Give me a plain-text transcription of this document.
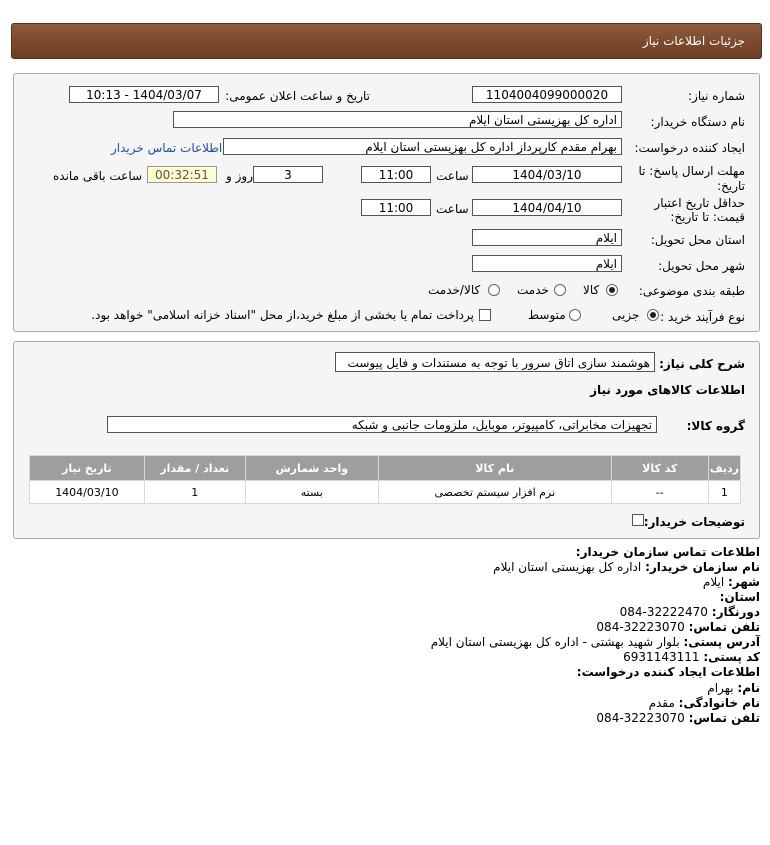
جزئیات اطلاعات نیاز
شماره نیاز:
1104004099000020
تاریخ و ساعت اعلان عمومی:
1404/03/07 - 10:13
نام دستگاه خریدار:
اداره کل بهزیستی استان ایلام
ایجاد کننده درخواست:
بهرام مقدم کارپرداز اداره کل بهزیستی استان ایلام
اطلاعات تماس خریدار
مهلت ارسال پاسخ: تا
تاریخ:
1404/03/10
ساعت
11:00
3
روز و
00:32:51
ساعت باقی مانده
حداقل تاریخ اعتبار
قیمت: تا تاریخ:
1404/04/10
ساعت
11:00
استان محل تحویل:
ایلام
شهر محل تحویل:
ایلام
طبقه بندی موضوعی:
کالا
خدمت
کالا/خدمت
نوع فرآیند خرید :
جزیی
متوسط
پرداخت تمام یا بخشی از مبلغ خرید،از محل "اسناد خزانه اسلامی" خواهد بود.
شرح کلی نیاز:
هوشمند سازی اتاق سرور با توجه به مستندات و فایل پیوست
اطلاعات کالاهای مورد نیاز
گروه کالا:
تجهیزات مخابراتی، کامپیوتر، موبایل، ملزومات جانبی و شبکه
ردیف	کد کالا	نام کالا	واحد شمارش	تعداد / مقدار	تاریخ نیاز
1	--	نرم افزار سیستم تخصصی	بسته	1	1404/03/10
توضیحات خریدار:
اطلاعات تماس سازمان خریدار:
نام سازمان خریدار: اداره کل بهزیستی استان ایلام
شهر: ایلام
استان:
دورنگار: 084-32222470
تلفن تماس: 084-32223070
آدرس پستی: بلوار شهید بهشتی - اداره کل بهزیستی استان ایلام
کد پستی: 6931143111
اطلاعات ایجاد کننده درخواست:
نام: بهرام
نام خانوادگی: مقدم
تلفن تماس: 084-32223070
